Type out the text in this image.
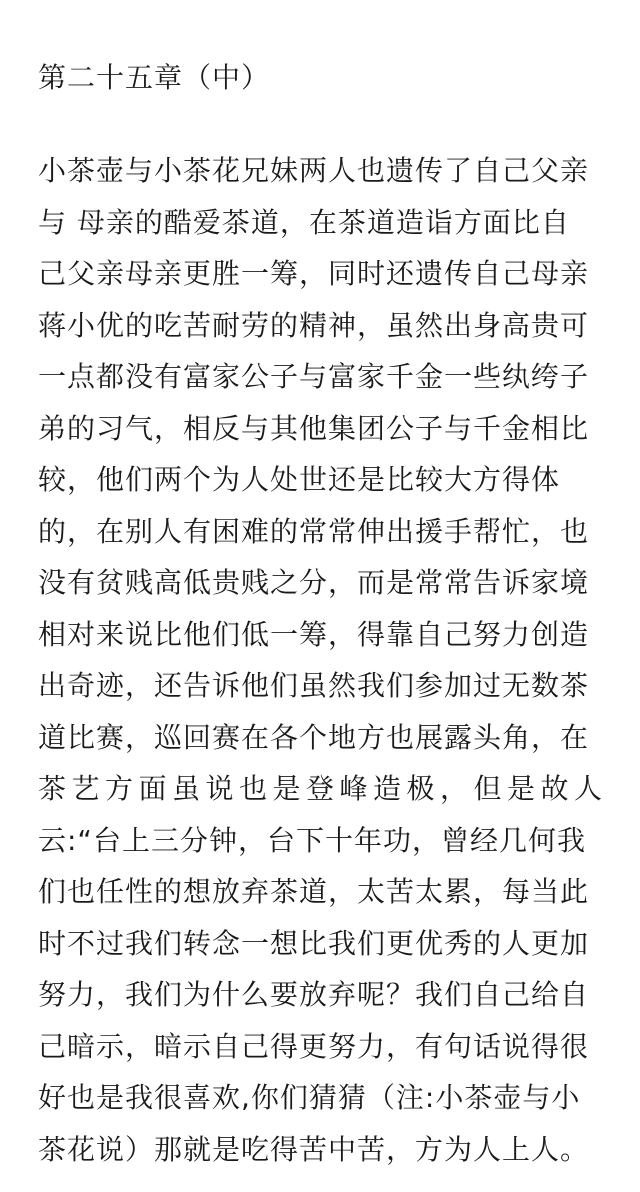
第二十五章（中）
小茶壶与小茶花兄妹两人也遗传了自己父亲
与 母亲的酷爱茶道，在茶道造诣方面比自
己父亲母亲更胜一筹，同时还遗传自己母亲
蒋小优的吃苦耐劳的精神，虽然出身高贵可
一点都没有富家公子与富家千金一些纨绔子
弟的习气，相反与其他集团公子与千金相比
较，他们两个为人处世还是比较大方得体
的，在别人有困难的常常伸出援手帮忙，也
没有贫贱高低贵贱之分，而是常常告诉家境
相对来说比他们低一筹，得靠自己努力创造
出奇迹，还告诉他们虽然我们参加过无数茶
道比赛，巡回赛在各个地方也展露头角，在
茶艺方面虽说也是登峰造极，但是故人
云:“台上三分钟，台下十年功，曾经几何我
们也任性的想放弃茶道，太苦太累，每当此
时不过我们转念一想比我们更优秀的人更加
努力，我们为什么要放弃呢？我们自己给自
己暗示，暗示自己得更努力，有句话说得很
好也是我很喜欢,你们猜猜（注:小茶壶与小
茶花说）那就是吃得苦中苦，方为人上人。
